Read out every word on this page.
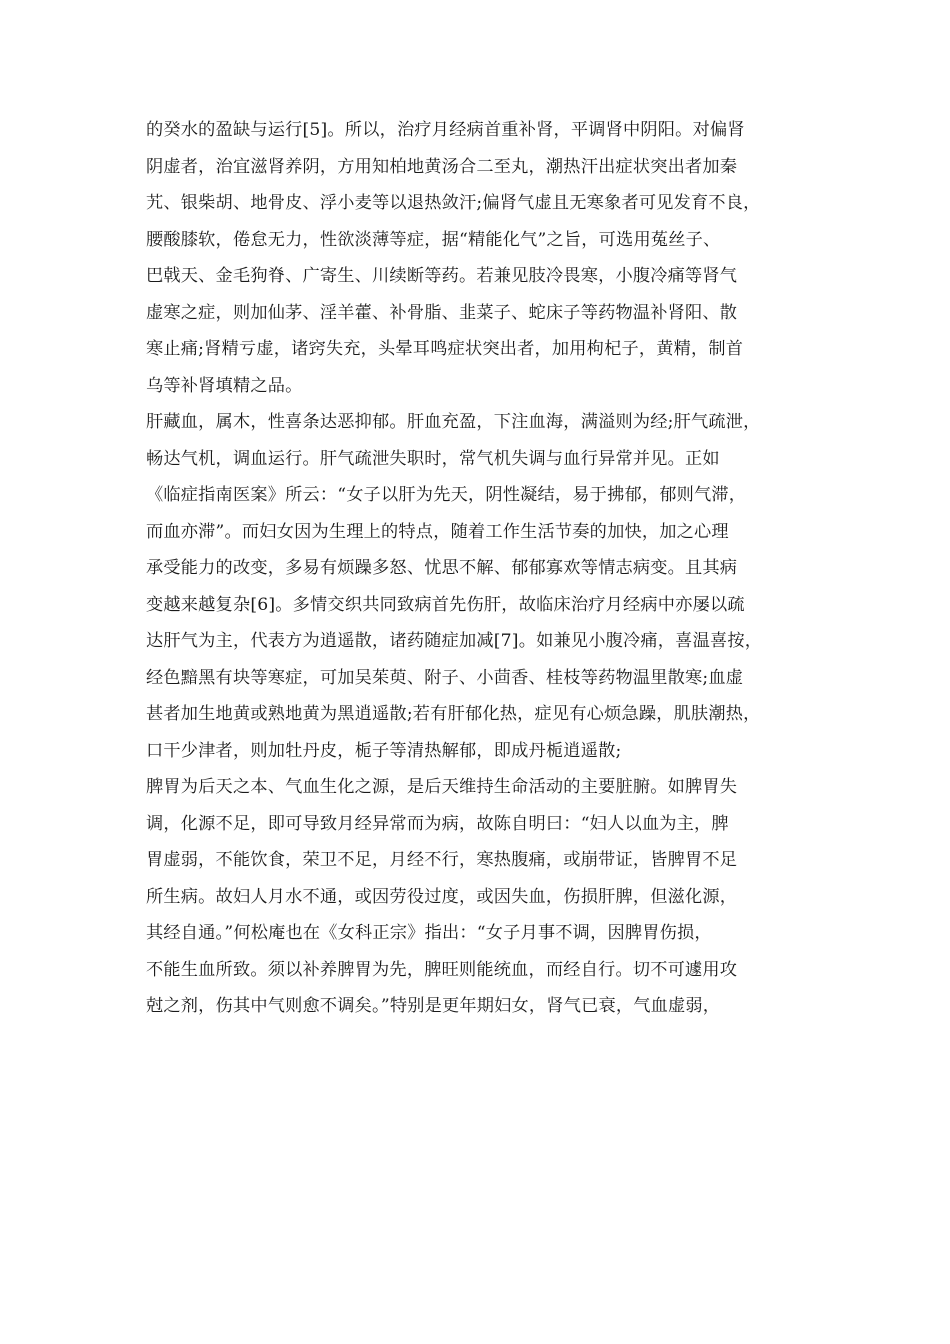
的癸水的盈缺与运行[5]。所以，治疗月经病首重补肾，平调肾中阴阳。对偏肾
阴虚者，治宜滋肾养阴，方用知柏地黄汤合二至丸，潮热汗出症状突出者加秦
艽、银柴胡、地骨皮、浮小麦等以退热敛汗;偏肾气虚且无寒象者可见发育不良，
腰酸膝软，倦怠无力，性欲淡薄等症，据“精能化气”之旨，可选用菟丝子、
巴戟天、金毛狗脊、广寄生、川续断等药。若兼见肢冷畏寒，小腹冷痛等肾气
虚寒之症，则加仙茅、淫羊藿、补骨脂、韭菜子、蛇床子等药物温补肾阳、散
寒止痛;肾精亏虚，诸窍失充，头晕耳鸣症状突出者，加用枸杞子，黄精，制首
乌等补肾填精之品。
肝藏血，属木，性喜条达恶抑郁。肝血充盈，下注血海，满溢则为经;肝气疏泄，
畅达气机，调血运行。肝气疏泄失职时，常气机失调与血行异常并见。正如
《临症指南医案》所云：“女子以肝为先天，阴性凝结，易于拂郁，郁则气滞，
而血亦滞”。而妇女因为生理上的特点，随着工作生活节奏的加快，加之心理
承受能力的改变，多易有烦躁多怒、忧思不解、郁郁寡欢等情志病变。且其病
变越来越复杂[6]。多情交织共同致病首先伤肝，故临床治疗月经病中亦屡以疏
达肝气为主，代表方为逍遥散，诸药随症加减[7]。如兼见小腹冷痛，喜温喜按，
经色黯黑有块等寒症，可加吴茱萸、附子、小茴香、桂枝等药物温里散寒;血虚
甚者加生地黄或熟地黄为黑逍遥散;若有肝郁化热，症见有心烦急躁，肌肤潮热，
口干少津者，则加牡丹皮，栀子等清热解郁，即成丹栀逍遥散;
脾胃为后天之本、气血生化之源，是后天维持生命活动的主要脏腑。如脾胃失
调，化源不足，即可导致月经异常而为病，故陈自明曰：“妇人以血为主，脾
胃虚弱，不能饮食，荣卫不足，月经不行，寒热腹痛，或崩带证，皆脾胃不足
所生病。故妇人月水不通，或因劳役过度，或因失血，伤损肝脾，但滋化源，
其经自通。”何松庵也在《女科正宗》指出：“女子月事不调，因脾胃伤损，
不能生血所致。须以补养脾胃为先，脾旺则能统血，而经自行。切不可遽用攻
尅之剂，伤其中气则愈不调矣。”特别是更年期妇女，肾气已衰，气血虚弱，
